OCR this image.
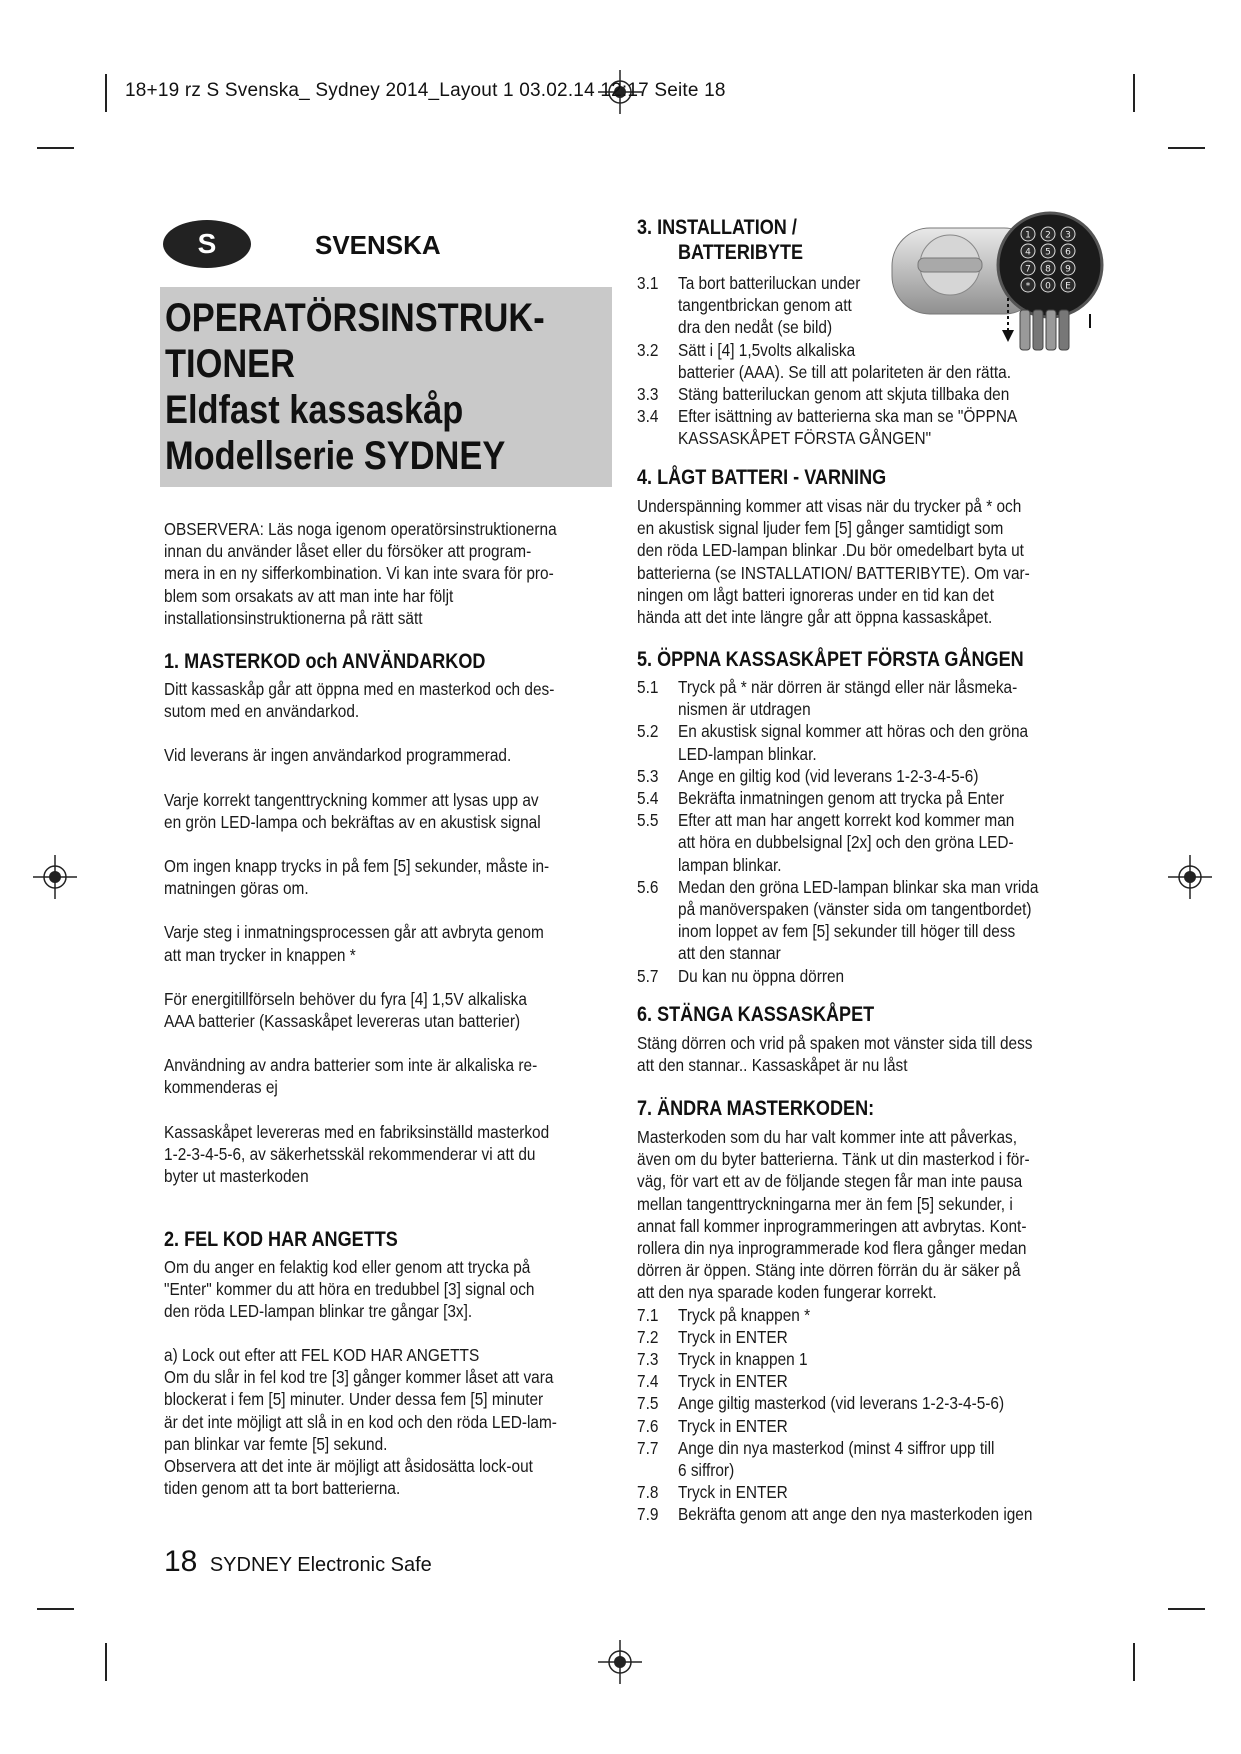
18+19 rz S Svenska_ Sydney 2014_Layout 1 03.02.14 12:17 Seite 18
S	SVENSKA
OPERATÖRSINSTRUK-
TIONER
Eldfast kassaskåp
Modellserie SYDNEY
OBSERVERA: Läs noga igenom operatörsinstruktionerna
innan du använder låset eller du försöker att program-
mera in en ny sifferkombination. Vi kan inte svara för pro-
blem som orsakats av att man inte har följt
installationsinstruktionerna på rätt sätt
1. MASTERKOD och ANVÄNDARKOD
Ditt kassaskåp går att öppna med en masterkod och des-
sutom med en användarkod.
Vid leverans är ingen användarkod programmerad.
Varje korrekt tangenttryckning kommer att lysas upp av
en grön LED-lampa och bekräftas av en akustisk signal
Om ingen knapp trycks in på fem [5] sekunder, måste in-
matningen göras om.
Varje steg i inmatningsprocessen går att avbryta genom
att man trycker in knappen *
För energitillförseln behöver du fyra [4] 1,5V alkaliska
AAA batterier (Kassaskåpet levereras utan batterier)
Användning av andra batterier som inte är alkaliska re-
kommenderas ej
Kassaskåpet levereras med en fabriksinställd masterkod
1-2-3-4-5-6, av säkerhetsskäl rekommenderar vi att du
byter ut masterkoden
2. FEL KOD HAR ANGETTS
Om du anger en felaktig kod eller genom att trycka på
"Enter" kommer du att höra en tredubbel [3] signal och
den röda LED-lampan blinkar tre gångar [3x].
a) Lock out efter att FEL KOD HAR ANGETTS
Om du slår in fel kod tre [3] gånger kommer låset att vara
blockerat i fem [5] minuter. Under dessa fem [5] minuter
är det inte möjligt att slå in en kod och den röda LED-lam-
pan blinkar var femte [5] sekund.
Observera att det inte är möjligt att åsidosätta lock-out
tiden genom att ta bort batterierna.
3. INSTALLATION /
BATTERIBYTE
3.1 Ta bort batteriluckan under
tangentbrickan genom att
dra den nedåt (se bild)
3.2 Sätt i [4] 1,5volts alkaliska
batterier (AAA). Se till att polariteten är den rätta.
3.3 Stäng batteriluckan genom att skjuta tillbaka den
3.4 Efter isättning av batterierna ska man se "ÖPPNA
KASSASKÅPET FÖRSTA GÅNGEN"
4. LÅGT BATTERI - VARNING
Underspänning kommer att visas när du trycker på * och
en akustisk signal ljuder fem [5] gånger samtidigt som
den röda LED-lampan blinkar .Du bör omedelbart byta ut
batterierna (se INSTALLATION/ BATTERIBYTE). Om var-
ningen om lågt batteri ignoreras under en tid kan det
hända att det inte längre går att öppna kassaskåpet.
5. ÖPPNA KASSASKÅPET FÖRSTA GÅNGEN
5.1 Tryck på * när dörren är stängd eller när låsmeka-
nismen är utdragen
5.2 En akustisk signal kommer att höras och den gröna
LED-lampan blinkar.
5.3 Ange en giltig kod (vid leverans 1-2-3-4-5-6)
5.4 Bekräfta inmatningen genom att trycka på Enter
5.5 Efter att man har angett korrekt kod kommer man
att höra en dubbelsignal [2x] och den gröna LED-
lampan blinkar.
5.6 Medan den gröna LED-lampan blinkar ska man vrida
på manöverspaken (vänster sida om tangentbordet)
inom loppet av fem [5] sekunder till höger till dess
att den stannar
5.7 Du kan nu öppna dörren
6. STÄNGA KASSASKÅPET
Stäng dörren och vrid på spaken mot vänster sida till dess
att den stannar.. Kassaskåpet är nu låst
7. ÄNDRA MASTERKODEN:
Masterkoden som du har valt kommer inte att påverkas,
även om du byter batterierna. Tänk ut din masterkod i för-
väg, för vart ett av de följande stegen får man inte pausa
mellan tangenttryckningarna mer än fem [5] sekunder, i
annat fall kommer inprogrammeringen att avbrytas. Kont-
rollera din nya inprogrammerade kod flera gånger medan
dörren är öppen. Stäng inte dörren förrän du är säker på
att den nya sparade koden fungerar korrekt.
7.1 Tryck på knappen *
7.2 Tryck in ENTER
7.3 Tryck in knappen 1
7.4 Tryck in ENTER
7.5 Ange giltig masterkod (vid leverans 1-2-3-4-5-6)
7.6 Tryck in ENTER
7.7 Ange din nya masterkod (minst 4 siffror upp till
6 siffror)
7.8 Tryck in ENTER
7.9 Bekräfta genom att ange den nya masterkoden igen
1 2 3
4 5 6
7 8 9
* 0 E
18 SYDNEY Electronic Safe
